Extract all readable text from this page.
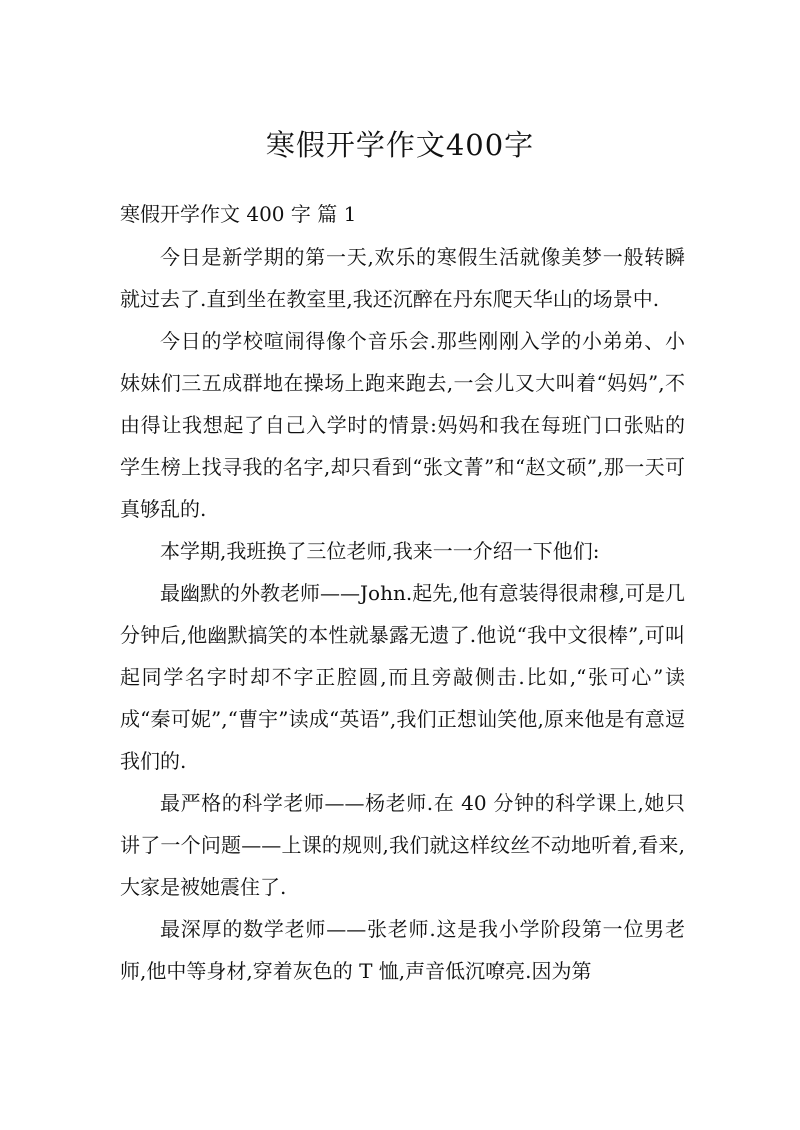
寒假开学作文400字
寒假开学作文 400 字 篇 1

今日是新学期的第一天,欢乐的寒假生活就像美梦一般转瞬就过去了.直到坐在教室里,我还沉醉在丹东爬天华山的场景中.

今日的学校喧闹得像个音乐会.那些刚刚入学的小弟弟、小妹妹们三五成群地在操场上跑来跑去,一会儿又大叫着“妈妈”,不由得让我想起了自己入学时的情景:妈妈和我在每班门口张贴的学生榜上找寻我的名字,却只看到“张文菁”和“赵文硕”,那一天可真够乱的.

本学期,我班换了三位老师,我来一一介绍一下他们:

最幽默的外教老师——John.起先,他有意装得很肃穆,可是几分钟后,他幽默搞笑的本性就暴露无遗了.他说“我中文很棒”,可叫起同学名字时却不字正腔圆,而且旁敲侧击.比如,“张可心”读成“秦可妮”,“曹宇”读成“英语”,我们正想讪笑他,原来他是有意逗我们的.

最严格的科学老师——杨老师.在 40 分钟的科学课上,她只讲了一个问题——上课的规则,我们就这样纹丝不动地听着,看来,大家是被她震住了.

最深厚的数学老师——张老师.这是我小学阶段第一位男老师,他中等身材,穿着灰色的 T 恤,声音低沉嘹亮.因为第
